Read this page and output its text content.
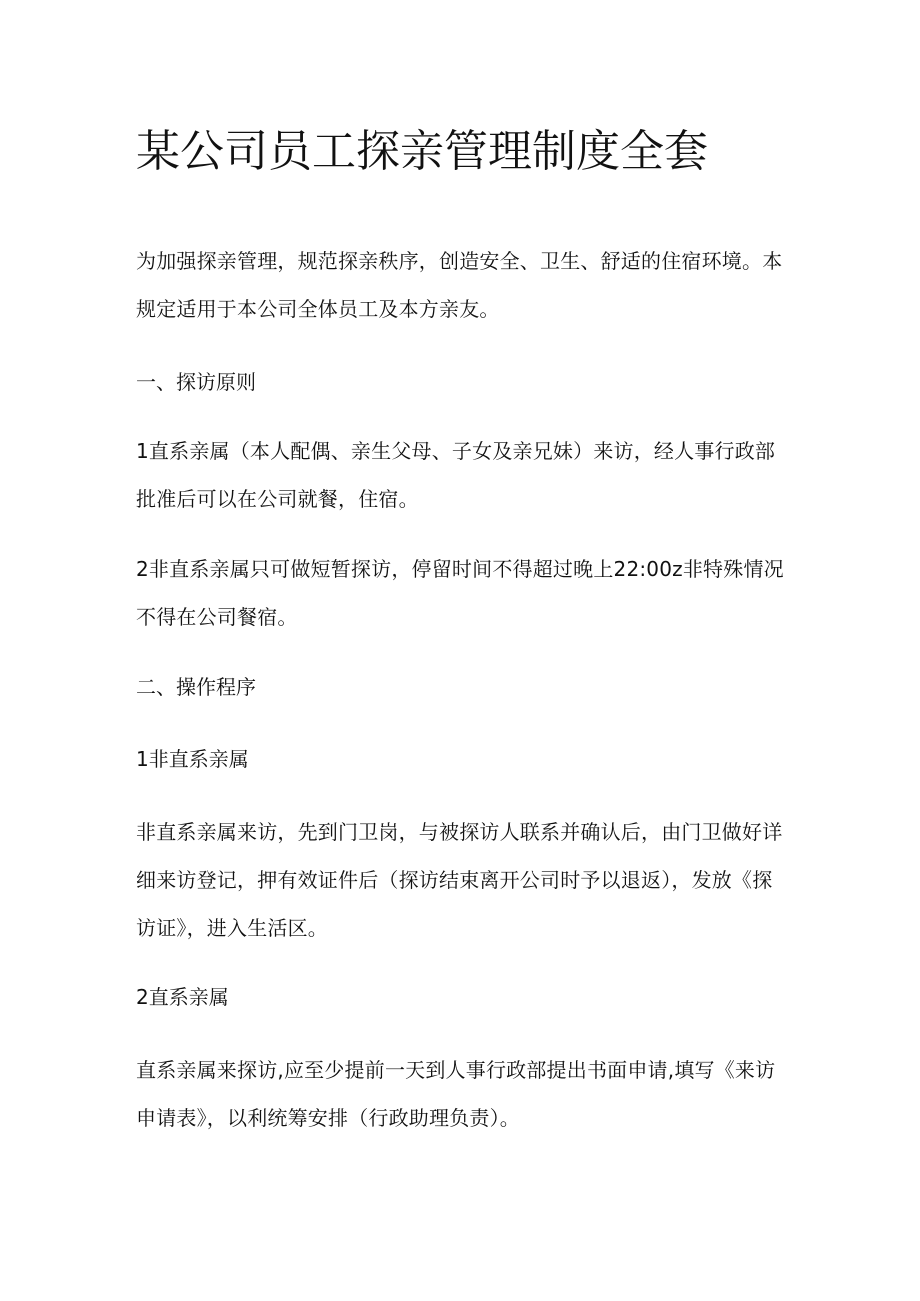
某公司员工探亲管理制度全套

为加强探亲管理，规范探亲秩序，创造安全、卫生、舒适的住宿环境。本规定适用于本公司全体员工及本方亲友。

一、探访原则

1直系亲属（本人配偶、亲生父母、子女及亲兄妹）来访，经人事行政部批准后可以在公司就餐，住宿。

2非直系亲属只可做短暂探访，停留时间不得超过晚上22:00z非特殊情况不得在公司餐宿。

二、操作程序

1非直系亲属

非直系亲属来访，先到门卫岗，与被探访人联系并确认后，由门卫做好详细来访登记，押有效证件后（探访结束离开公司时予以退返），发放《探访证》，进入生活区。

2直系亲属

直系亲属来探访,应至少提前一天到人事行政部提出书面申请,填写《来访申请表》，以利统筹安排（行政助理负责）。
